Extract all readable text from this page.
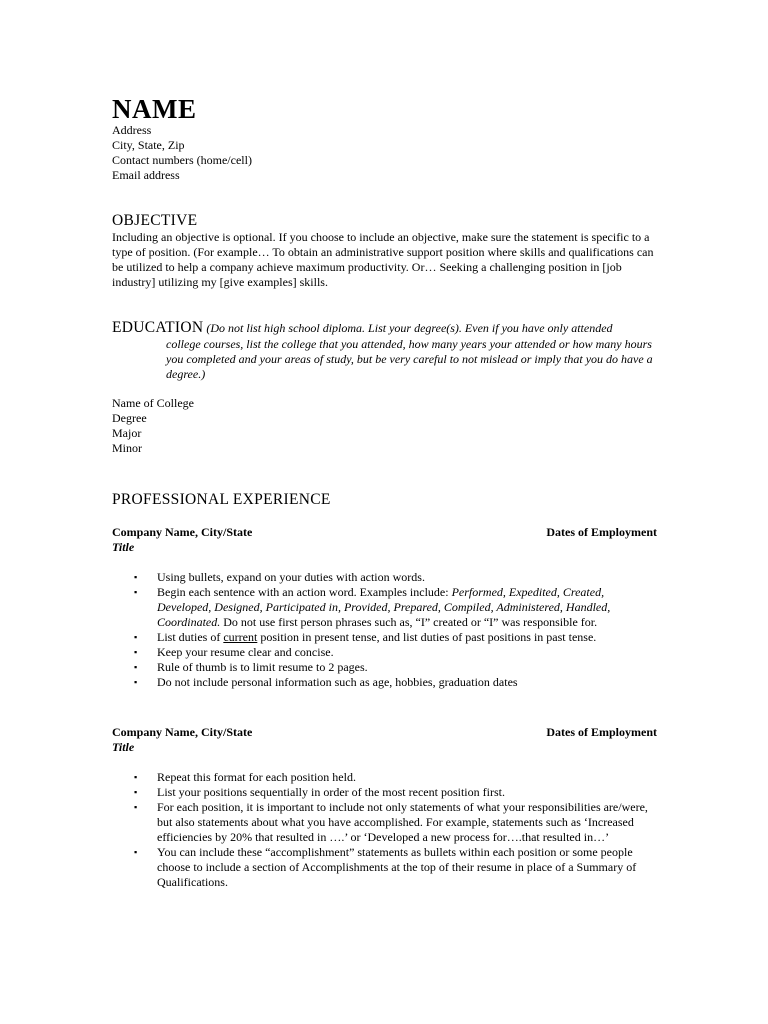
NAME
Address
City, State, Zip
Contact numbers (home/cell)
Email address
OBJECTIVE
Including an objective is optional. If you choose to include an objective, make sure the statement is specific to a type of position. (For example… To obtain an administrative support position where skills and qualifications can be utilized to help a company achieve maximum productivity. Or… Seeking a challenging position in [job industry] utilizing my [give examples] skills.
EDUCATION (Do not list high school diploma. List your degree(s). Even if you have only attended
college courses, list the college that you attended, how many years your attended or how many hours you completed and your areas of study, but be very careful to not mislead or imply that you do have a degree.)
Name of College
Degree
Major
Minor
PROFESSIONAL EXPERIENCE
Company Name, City/State	Dates of Employment
Title
▪ Using bullets, expand on your duties with action words.
▪ Begin each sentence with an action word. Examples include: Performed, Expedited, Created, Developed, Designed, Participated in, Provided, Prepared, Compiled, Administered, Handled, Coordinated. Do not use first person phrases such as, “I” created or “I” was responsible for.
▪ List duties of current position in present tense, and list duties of past positions in past tense.
▪ Keep your resume clear and concise.
▪ Rule of thumb is to limit resume to 2 pages.
▪ Do not include personal information such as age, hobbies, graduation dates
Company Name, City/State	Dates of Employment
Title
▪ Repeat this format for each position held.
▪ List your positions sequentially in order of the most recent position first.
▪ For each position, it is important to include not only statements of what your responsibilities are/were, but also statements about what you have accomplished. For example, statements such as ‘Increased efficiencies by 20% that resulted in ….’ or ‘Developed a new process for….that resulted in…’
▪ You can include these “accomplishment” statements as bullets within each position or some people choose to include a section of Accomplishments at the top of their resume in place of a Summary of Qualifications.
